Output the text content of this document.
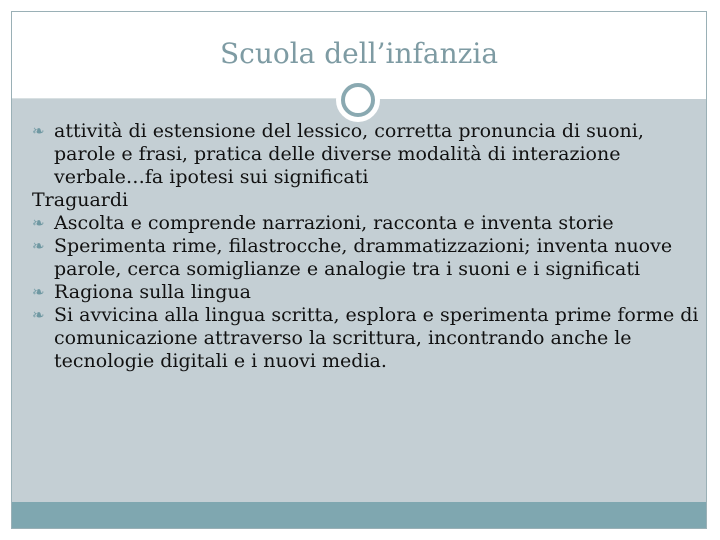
Scuola dell’infanzia

❧ attività di estensione del lessico, corretta pronuncia di suoni, parole e frasi, pratica delle diverse modalità di interazione verbale…fa ipotesi sui significati

Traguardi

❧ Ascolta e comprende narrazioni, racconta e inventa storie

❧ Sperimenta rime, filastrocche, drammatizzazioni; inventa nuove parole, cerca somiglianze e analogie tra i suoni e i significati

❧ Ragiona sulla lingua

❧ Si avvicina alla lingua scritta, esplora e sperimenta prime forme di comunicazione attraverso la scrittura, incontrando anche le tecnologie digitali e i nuovi media.
